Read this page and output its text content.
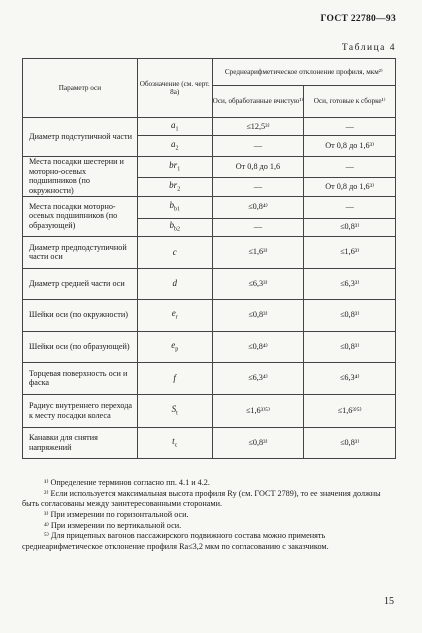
ГОСТ 22780—93
Таблица 4
Параметр оси	Обозначение (см. черт. 8а)	Среднеарифметическое отклонение профиля, мкм²⁾	
		Оси, обработанные вчистую¹⁾	Оси, готовые к сборке¹⁾

Диаметр подступичной части	$a_1$	≤12,5³⁾	—
	$a_2$	—	От 0,8 до 1,6³⁾

Места посадки шестерни и моторно-осевых подшипников (по окружности)	$br_1$	От 0,8 до 1,6	—
	$br_2$	—	От 0,8 до 1,6³⁾

Места посадки моторно-осевых подшипников (по образующей)	$b_{b1}$	≤0,8⁴⁾	—
	$b_{b2}$	—	≤0,8³⁾

Диаметр предподступичной части оси	c	≤1,6³⁾	≤1,6³⁾

Диаметр средней части оси	d	≤6,3³⁾	≤6,3³⁾

Шейки оси (по окружности)	$e_r$	≤0,8³⁾	≤0,8³⁾

Шейки оси (по образующей)	$e_p$	≤0,8⁴⁾	≤0,8³⁾

Торцевая поверхность оси и фаска	f	≤6,3⁴⁾	≤6,3⁴⁾

Радиус внутреннего перехода к месту посадки колеса	$S_t$	≤1,6³⁾⁵⁾	≤1,6³⁾⁵⁾

Канавки для снятия напряжений	$t_c$	≤0,8³⁾	≤0,8³⁾

¹⁾ Определение терминов согласно пп. 4.1 и 4.2.

²⁾ Если используется максимальная высота профиля Rу (см. ГОСТ 2789), то ее значения должны быть согласованы между заинтересованными сторонами.

³⁾ При измерении по горизонтальной оси.

⁴⁾ При измерении по вертикальной оси.

⁵⁾ Для прицепных вагонов пассажирского подвижного состава можно применять среднеарифметическое отклонение профиля Ra≤3,2 мкм по согласованию с заказчиком.

15
